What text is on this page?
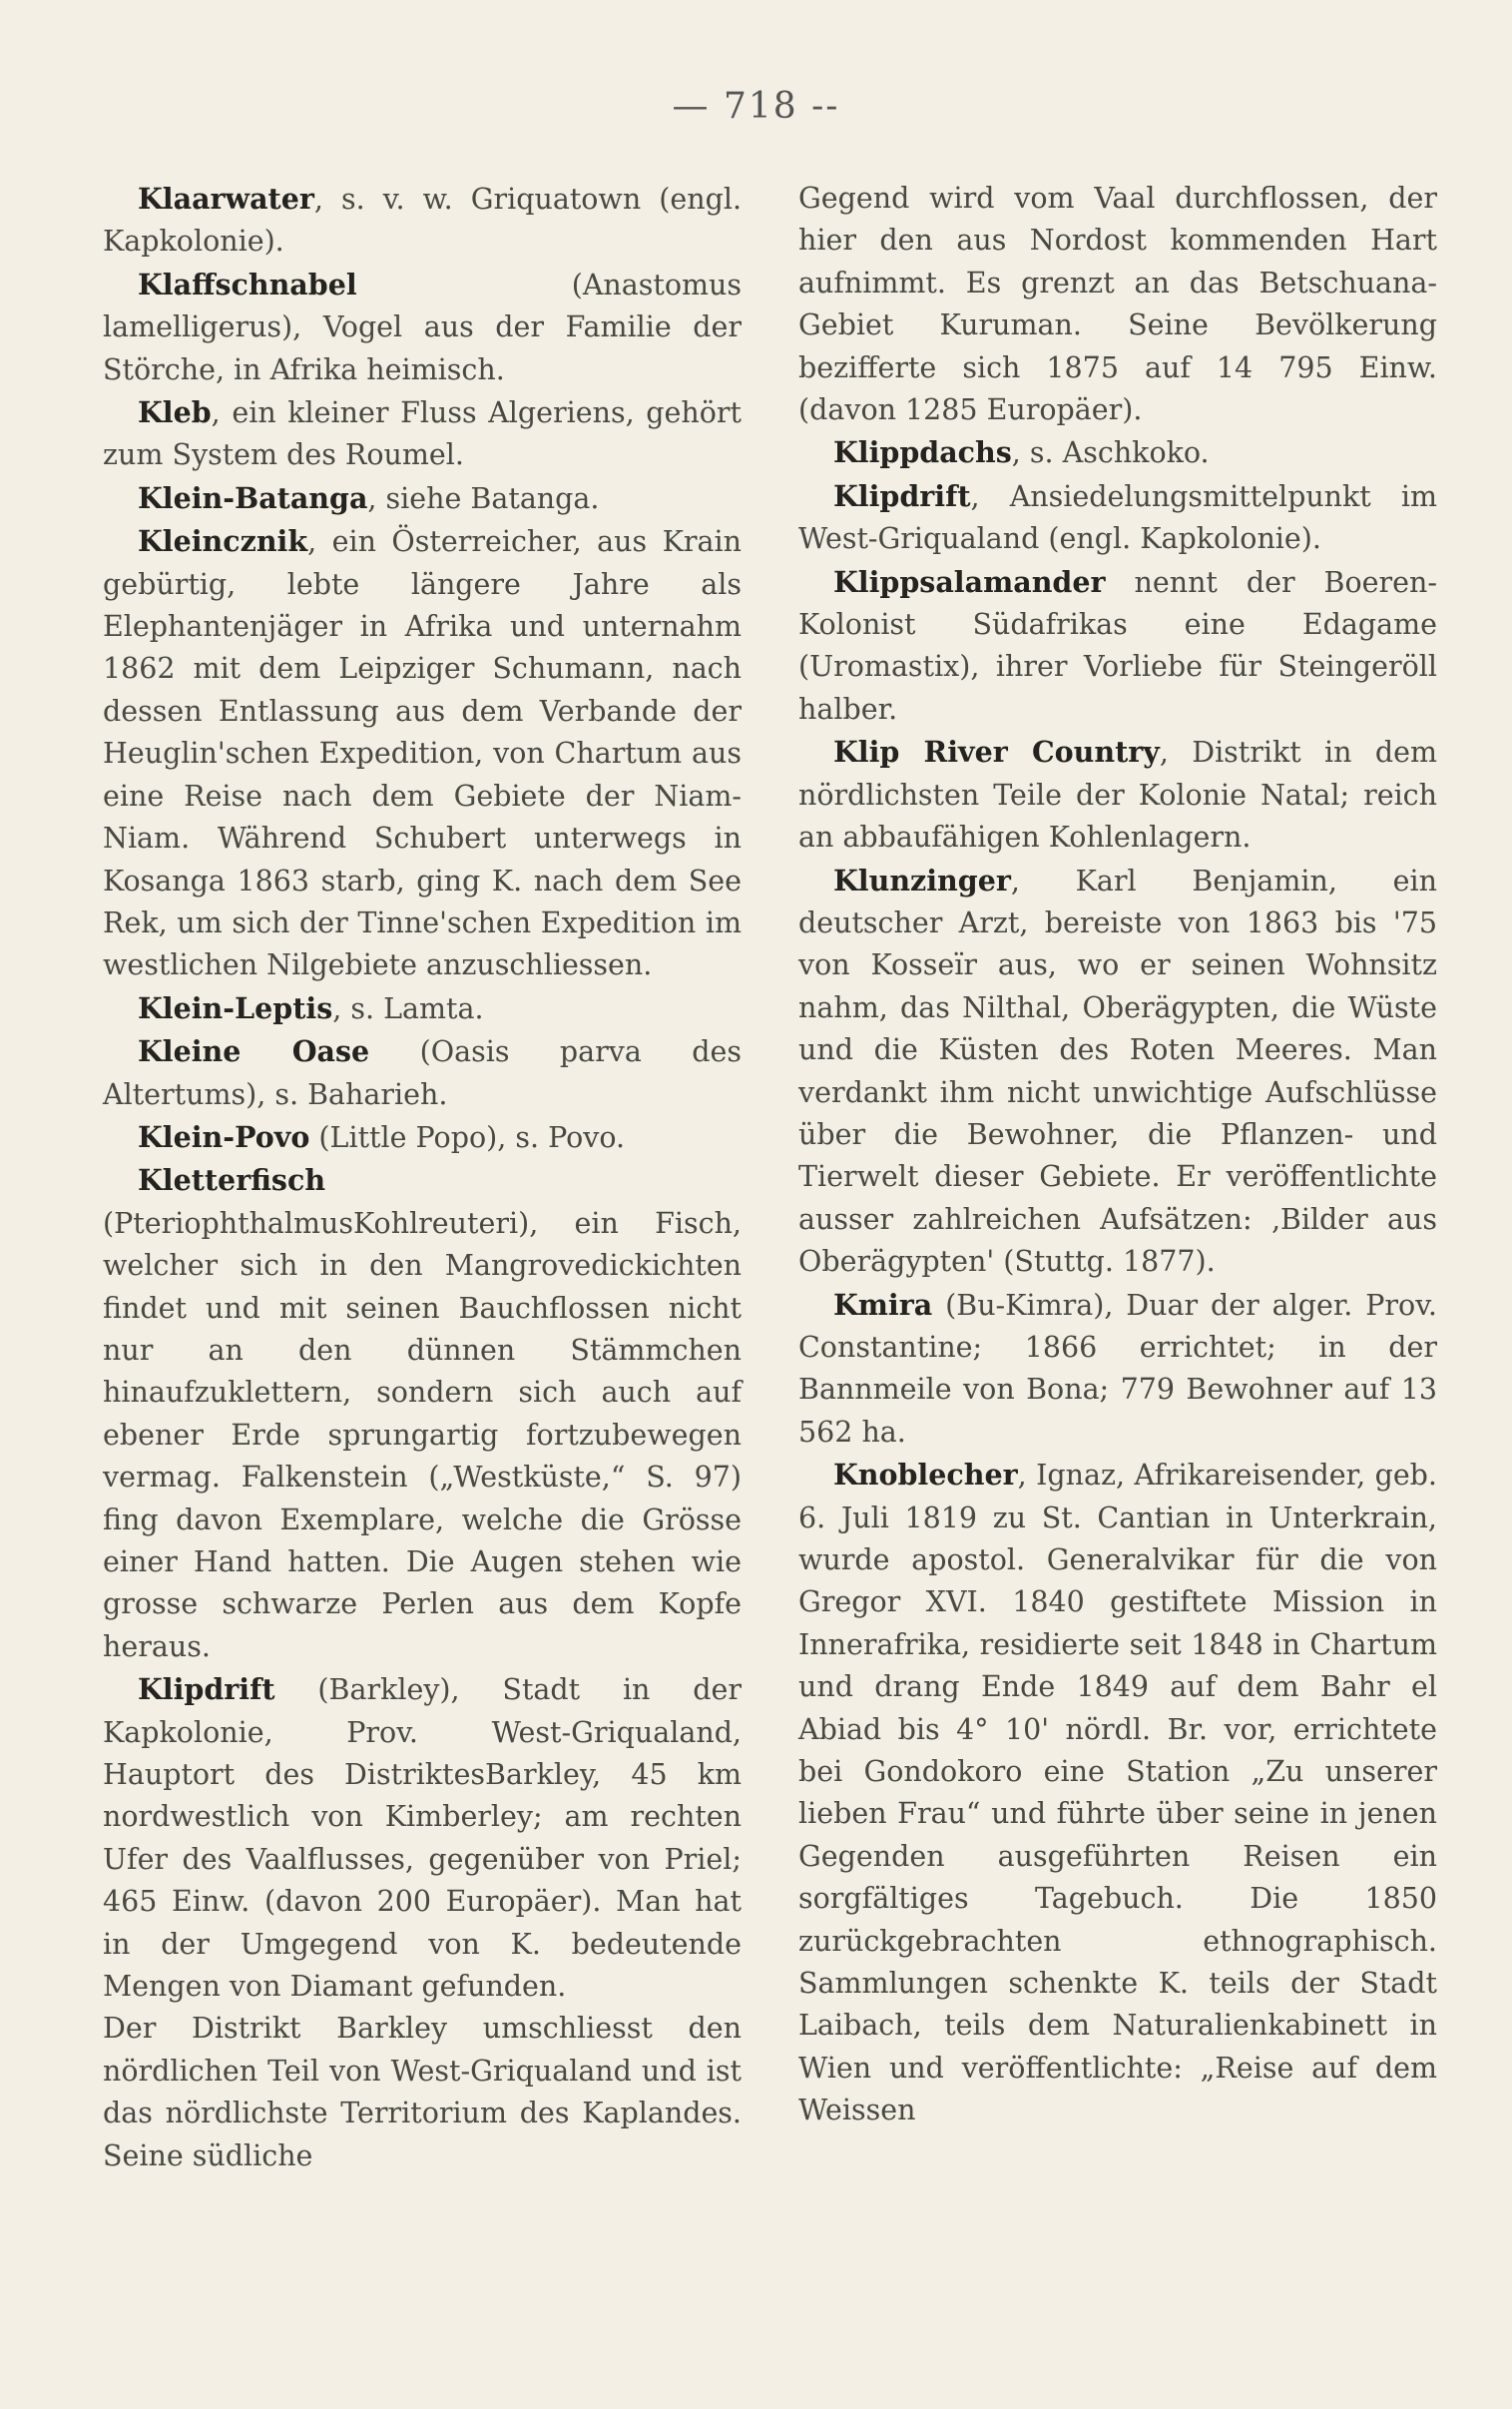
— 718 --

Klaarwater, s. v. w. Griquatown (engl. Kapkolonie).

Klaffschnabel (Anastomus lamelligerus), Vogel aus der Familie der Störche, in Afrika heimisch.

Kleb, ein kleiner Fluss Algeriens, gehört zum System des Roumel.

Klein-Batanga, siehe Batanga.

Kleincznik, ein Österreicher, aus Krain gebürtig, lebte längere Jahre als Elephantenjäger in Afrika und unternahm 1862 mit dem Leipziger Schumann, nach dessen Entlassung aus dem Verbande der Heuglin'schen Expedition, von Chartum aus eine Reise nach dem Gebiete der Niam-Niam. Während Schubert unterwegs in Kosanga 1863 starb, ging K. nach dem See Rek, um sich der Tinne'schen Expedition im westlichen Nilgebiete anzuschliessen.

Klein-Leptis, s. Lamta.

Kleine Oase (Oasis parva des Altertums), s. Baharieh.

Klein-Povo (Little Popo), s. Povo.

Kletterfisch (PteriophthalmusKohlreuteri), ein Fisch, welcher sich in den Mangrovedickichten findet und mit seinen Bauchflossen nicht nur an den dünnen Stämmchen hinaufzuklettern, sondern sich auch auf ebener Erde sprungartig fortzubewegen vermag. Falkenstein („Westküste,“ S. 97) fing davon Exemplare, welche die Grösse einer Hand hatten. Die Augen stehen wie grosse schwarze Perlen aus dem Kopfe heraus.

Klipdrift (Barkley), Stadt in der Kapkolonie, Prov. West-Griqualand, Hauptort des DistriktesBarkley, 45 km nordwestlich von Kimberley; am rechten Ufer des Vaalflusses, gegenüber von Priel; 465 Einw. (davon 200 Europäer). Man hat in der Umgegend von K. bedeutende Mengen von Diamant gefunden.

Der Distrikt Barkley umschliesst den nördlichen Teil von West-Griqualand und ist das nördlichste Territorium des Kaplandes. Seine südliche

Gegend wird vom Vaal durchflossen, der hier den aus Nordost kommenden Hart aufnimmt. Es grenzt an das Betschuana-Gebiet Kuruman. Seine Bevölkerung bezifferte sich 1875 auf 14 795 Einw. (davon 1285 Europäer).

Klippdachs, s. Aschkoko.

Klipdrift, Ansiedelungsmittelpunkt im West-Griqualand (engl. Kapkolonie).

Klippsalamander nennt der Boeren-Kolonist Südafrikas eine Edagame (Uromastix), ihrer Vorliebe für Steingeröll halber.

Klip River Country, Distrikt in dem nördlichsten Teile der Kolonie Natal; reich an abbaufähigen Kohlenlagern.

Klunzinger, Karl Benjamin, ein deutscher Arzt, bereiste von 1863 bis '75 von Kosseïr aus, wo er seinen Wohnsitz nahm, das Nilthal, Oberägypten, die Wüste und die Küsten des Roten Meeres. Man verdankt ihm nicht unwichtige Aufschlüsse über die Bewohner, die Pflanzen- und Tierwelt dieser Gebiete. Er veröffentlichte ausser zahlreichen Aufsätzen: ‚Bilder aus Oberägypten' (Stuttg. 1877).

Kmira (Bu-Kimra), Duar der alger. Prov. Constantine; 1866 errichtet; in der Bannmeile von Bona; 779 Bewohner auf 13 562 ha.

Knoblecher, Ignaz, Afrikareisender, geb. 6. Juli 1819 zu St. Cantian in Unterkrain, wurde apostol. Generalvikar für die von Gregor XVI. 1840 gestiftete Mission in Innerafrika, residierte seit 1848 in Chartum und drang Ende 1849 auf dem Bahr el Abiad bis 4° 10' nördl. Br. vor, errichtete bei Gondokoro eine Station „Zu unserer lieben Frau“ und führte über seine in jenen Gegenden ausgeführten Reisen ein sorgfältiges Tagebuch. Die 1850 zurückgebrachten ethnographisch. Sammlungen schenkte K. teils der Stadt Laibach, teils dem Naturalienkabinett in Wien und veröffentlichte: „Reise auf dem Weissen
